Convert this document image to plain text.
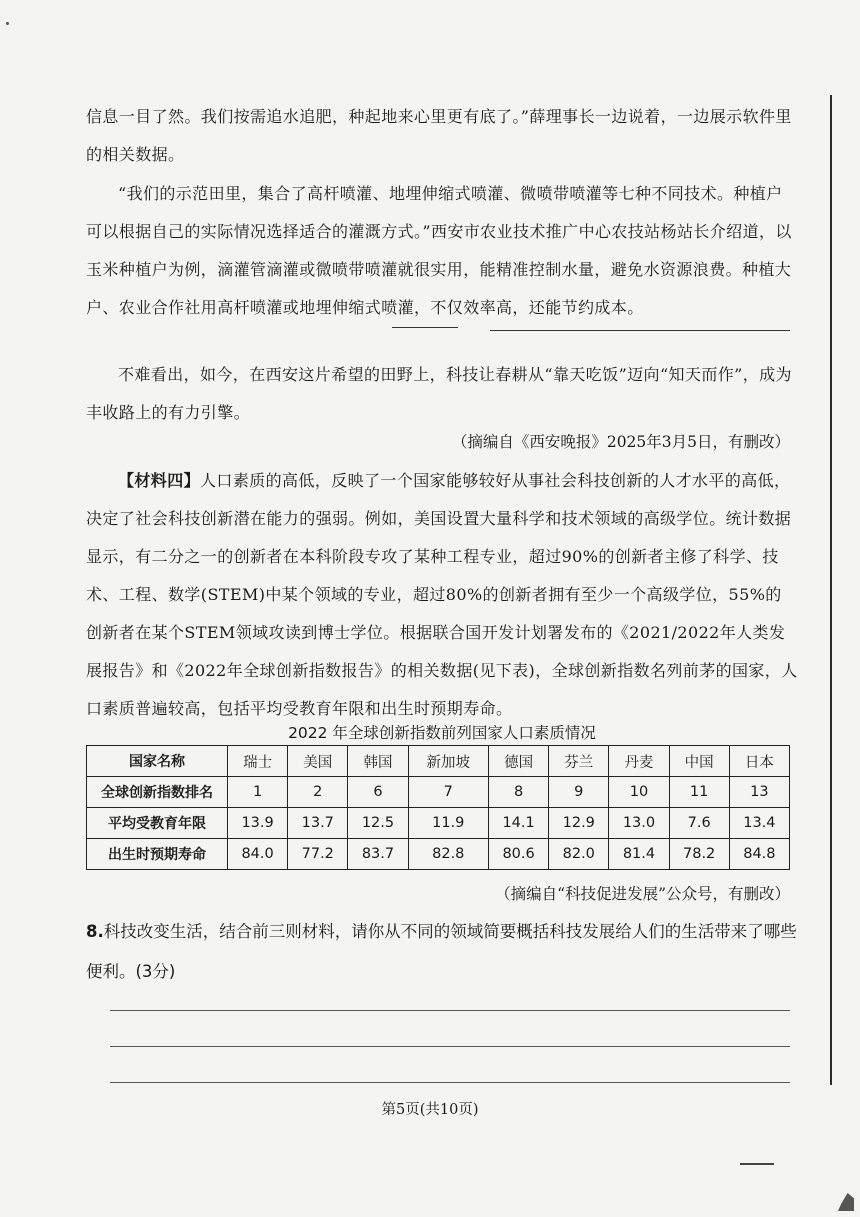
信息一目了然。我们按需追水追肥，种起地来心里更有底了。”薛理事长一边说着，一边展示软件里的相关数据。

“我们的示范田里，集合了高杆喷灌、地埋伸缩式喷灌、微喷带喷灌等七种不同技术。种植户可以根据自己的实际情况选择适合的灌溉方式。”西安市农业技术推广中心农技站杨站长介绍道，以玉米种植户为例，滴灌管滴灌或微喷带喷灌就很实用，能精准控制水量，避免水资源浪费。种植大户、农业合作社用高杆喷灌或地埋伸缩式喷灌，不仅效率高，还能节约成本。

不难看出，如今，在西安这片希望的田野上，科技让春耕从“靠天吃饭”迈向“知天而作”，成为丰收路上的有力引擎。

（摘编自《西安晚报》2025年3月5日，有删改）

【材料四】人口素质的高低，反映了一个国家能够较好从事社会科技创新的人才水平的高低，决定了社会科技创新潜在能力的强弱。例如，美国设置大量科学和技术领域的高级学位。统计数据显示，有二分之一的创新者在本科阶段专攻了某种工程专业，超过90%的创新者主修了科学、技术、工程、数学(STEM)中某个领域的专业，超过80%的创新者拥有至少一个高级学位，55%的创新者在某个STEM领域攻读到博士学位。根据联合国开发计划署发布的《2021/2022年人类发展报告》和《2022年全球创新指数报告》的相关数据(见下表)，全球创新指数名列前茅的国家，人口素质普遍较高，包括平均受教育年限和出生时预期寿命。

2022 年全球创新指数前列国家人口素质情况
国家名称	瑞士	美国	韩国	新加坡	德国	芬兰	丹麦	中国	日本
全球创新指数排名	1	2	6	7	8	9	10	11	13
平均受教育年限	13.9	13.7	12.5	11.9	14.1	12.9	13.0	7.6	13.4
出生时预期寿命	84.0	77.2	83.7	82.8	80.6	82.0	81.4	78.2	84.8

（摘编自“科技促进发展”公众号，有删改）

8.科技改变生活，结合前三则材料，请你从不同的领域简要概括科技发展给人们的生活带来了哪些便利。(3分)

第5页(共10页)
